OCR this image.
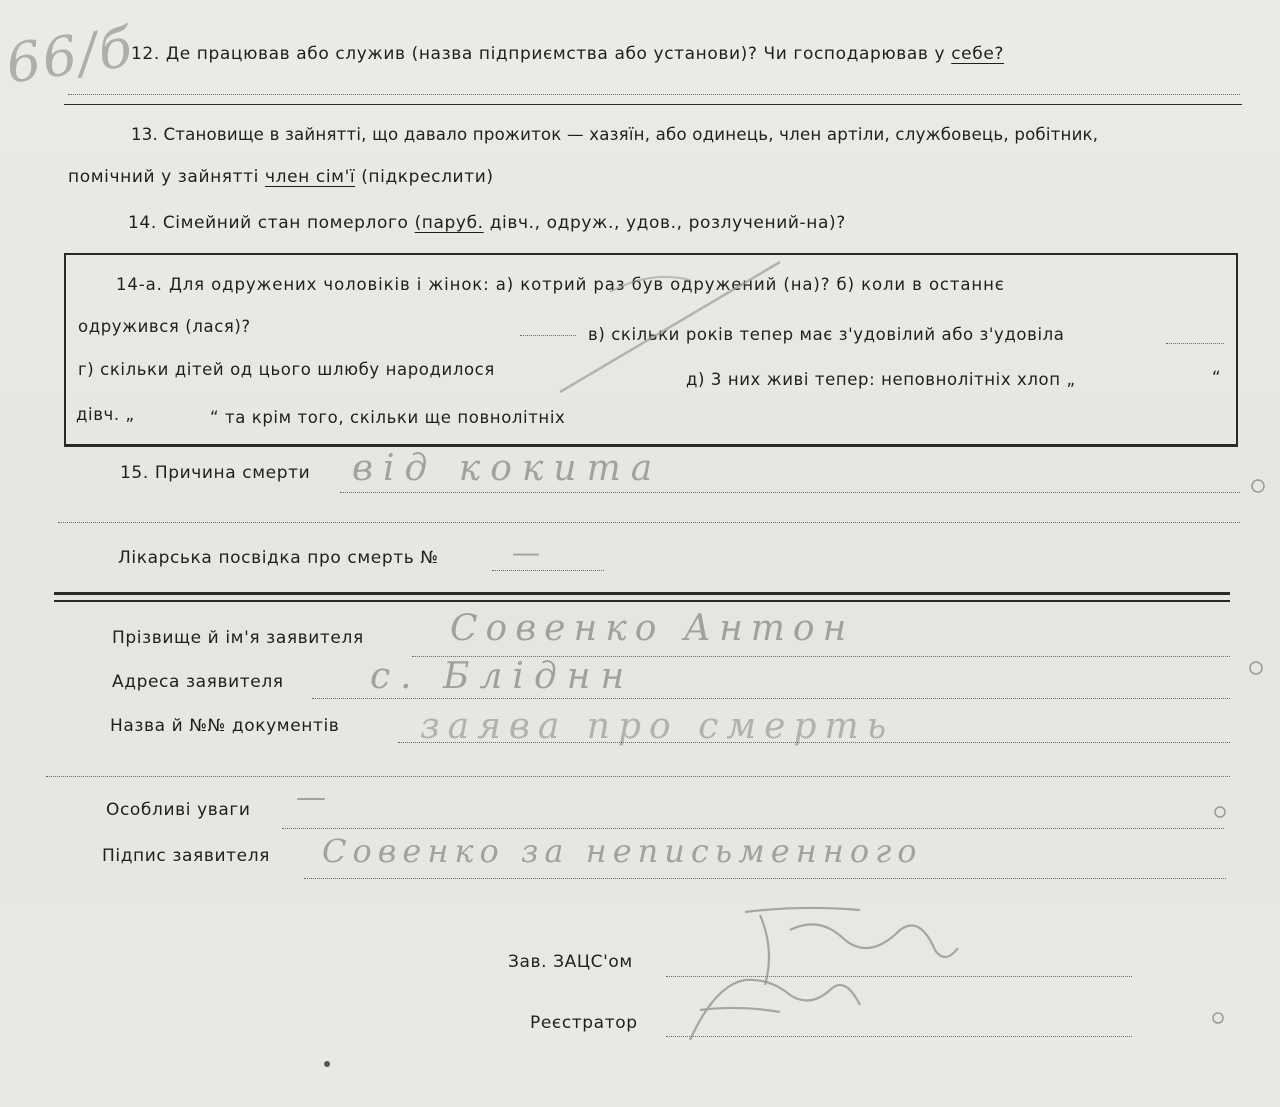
66/б
12. Де працював або служив (назва підприємства або установи)? Чи господарював у себе?
13. Становище в зайнятті, що давало прожиток — хазяїн, або одинець, член артіли, службовець, робітник,
помічний у зайнятті член сім'ї (підкреслити)
14. Сімейний стан померлого (паруб. дівч., одруж., удов., розлучений-на)?
14-а. Для одружених чоловіків і жінок: а) котрий раз був одружений (на)? б) коли в останнє
одружився (лася)?	в) скільки років тепер має з'удовілий або з'удовіла
г) скільки дітей од цього шлюбу народилося
д) 3 них живі тепер: неповнолітніх хлоп „	“
дівч. „	“ та крім того, скільки ще повнолітніх
15. Причина смерти від кокита
Лікарська посвідка про смерть №	—
Прізвище й ім'я заявителя Совенко Антон
Адреса заявителя с. Бліднн
Назва й №№ документів заява про смерть
Особливі уваги —
Підпис заявителя Совенко за неписьменного
Зав. ЗАЦС'ом
Реєстратор
